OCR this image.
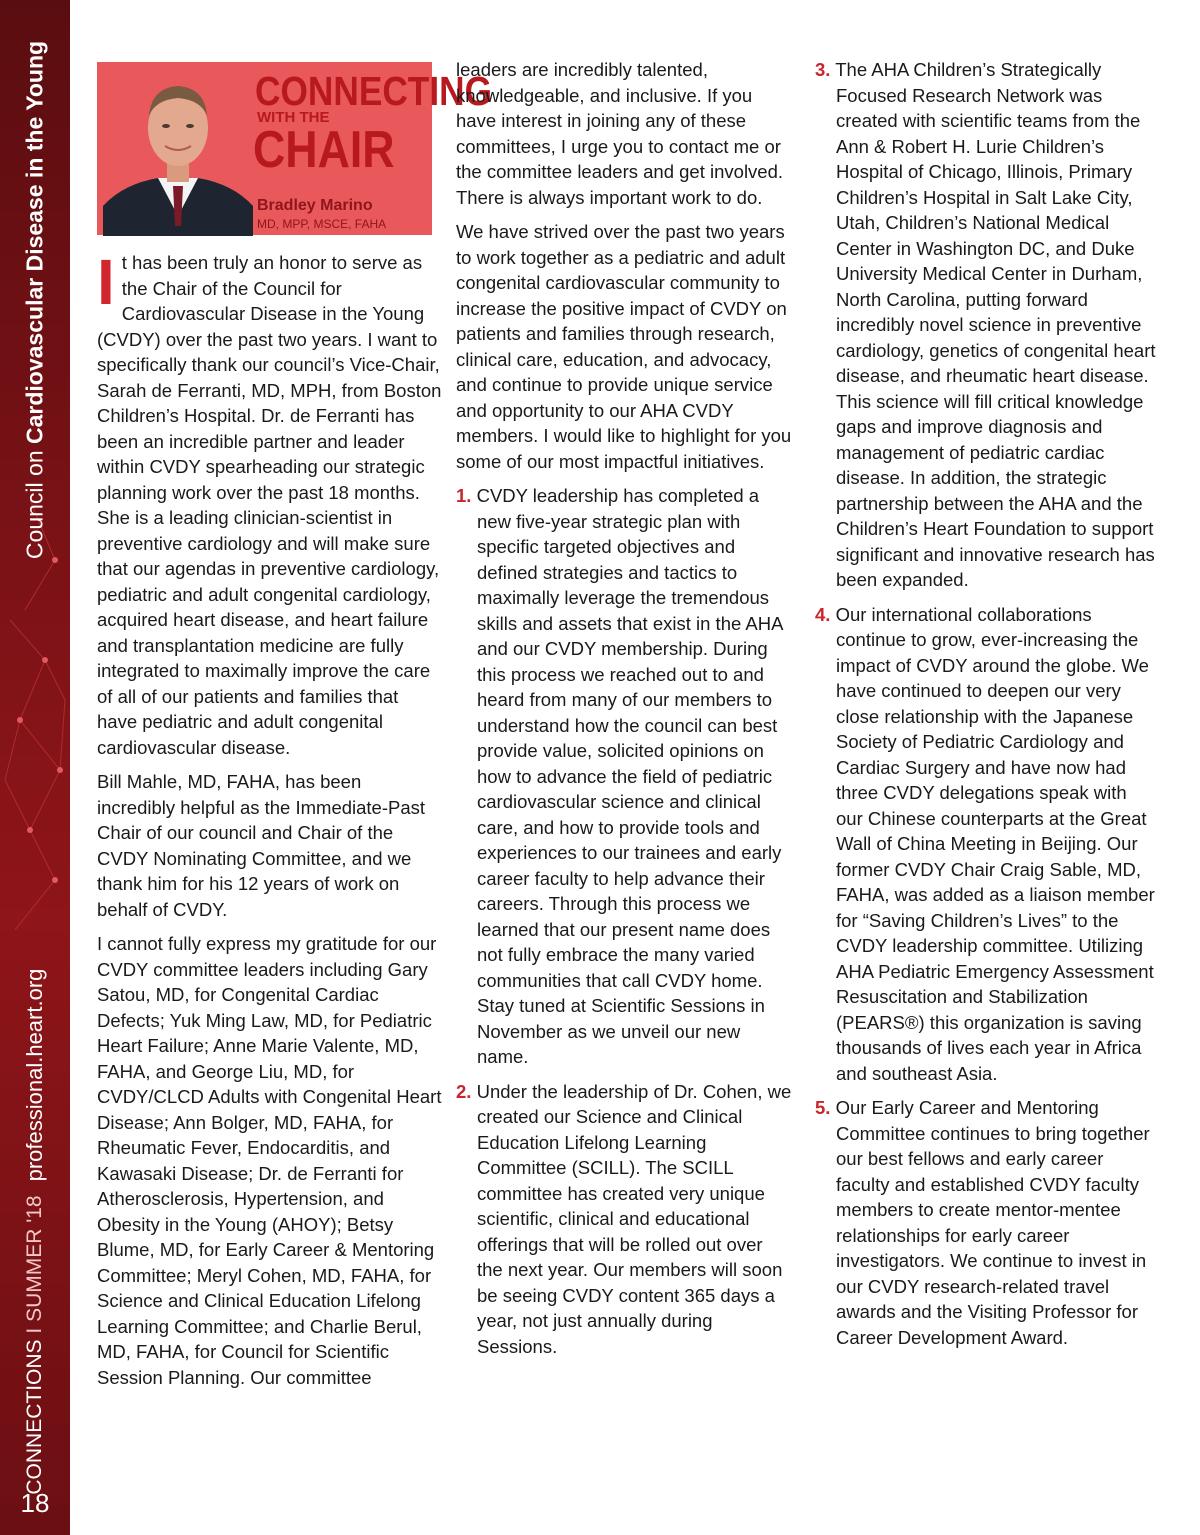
Council on Cardiovascular Disease in the Young
professional.heart.org
CONNECTIONS I SUMMER '18
18
CONNECTING
WITH THE
CHAIR
Bradley Marino
MD, MPP, MSCE, FAHA

It has been truly an honor to serve as the Chair of the Council for Cardiovascular Disease in the Young (CVDY) over the past two years. I want to specifically thank our council’s Vice-Chair, Sarah de Ferranti, MD, MPH, from Boston Children’s Hospital. Dr. de Ferranti has been an incredible partner and leader within CVDY spearheading our strategic planning work over the past 18 months. She is a leading clinician-scientist in preventive cardiology and will make sure that our agendas in preventive cardiology, pediatric and adult congenital cardiology, acquired heart disease, and heart failure and transplantation medicine are fully integrated to maximally improve the care of all of our patients and families that have pediatric and adult congenital cardiovascular disease.

Bill Mahle, MD, FAHA, has been incredibly helpful as the Immediate-Past Chair of our council and Chair of the CVDY Nominating Committee, and we thank him for his 12 years of work on behalf of CVDY.

I cannot fully express my gratitude for our CVDY committee leaders including Gary Satou, MD, for Congenital Cardiac Defects; Yuk Ming Law, MD, for Pediatric Heart Failure; Anne Marie Valente, MD, FAHA, and George Liu, MD, for CVDY/CLCD Adults with Congenital Heart Disease; Ann Bolger, MD, FAHA, for Rheumatic Fever, Endocarditis, and Kawasaki Disease; Dr. de Ferranti for Atherosclerosis, Hypertension, and Obesity in the Young (AHOY); Betsy Blume, MD, for Early Career & Mentoring Committee; Meryl Cohen, MD, FAHA, for Science and Clinical Education Lifelong Learning Committee; and Charlie Berul, MD, FAHA, for Council for Scientific Session Planning. Our committee

leaders are incredibly talented, knowledgeable, and inclusive. If you have interest in joining any of these committees, I urge you to contact me or the committee leaders and get involved. There is always important work to do.

We have strived over the past two years to work together as a pediatric and adult congenital cardiovascular community to increase the positive impact of CVDY on patients and families through research, clinical care, education, and advocacy, and continue to provide unique service and opportunity to our AHA CVDY members. I would like to highlight for you some of our most impactful initiatives.

1. CVDY leadership has completed a new five-year strategic plan with specific targeted objectives and defined strategies and tactics to maximally leverage the tremendous skills and assets that exist in the AHA and our CVDY membership. During this process we reached out to and heard from many of our members to understand how the council can best provide value, solicited opinions on how to advance the field of pediatric cardiovascular science and clinical care, and how to provide tools and experiences to our trainees and early career faculty to help advance their careers. Through this process we learned that our present name does not fully embrace the many varied communities that call CVDY home. Stay tuned at Scientific Sessions in November as we unveil our new name.

2. Under the leadership of Dr. Cohen, we created our Science and Clinical Education Lifelong Learning Committee (SCILL). The SCILL committee has created very unique scientific, clinical and educational offerings that will be rolled out over the next year. Our members will soon be seeing CVDY content 365 days a year, not just annually during Sessions.

3. The AHA Children’s Strategically Focused Research Network was created with scientific teams from the Ann & Robert H. Lurie Children’s Hospital of Chicago, Illinois, Primary Children’s Hospital in Salt Lake City, Utah, Children’s National Medical Center in Washington DC, and Duke University Medical Center in Durham, North Carolina, putting forward incredibly novel science in preventive cardiology, genetics of congenital heart disease, and rheumatic heart disease. This science will fill critical knowledge gaps and improve diagnosis and management of pediatric cardiac disease. In addition, the strategic partnership between the AHA and the Children’s Heart Foundation to support significant and innovative research has been expanded.

4. Our international collaborations continue to grow, ever-increasing the impact of CVDY around the globe. We have continued to deepen our very close relationship with the Japanese Society of Pediatric Cardiology and Cardiac Surgery and have now had three CVDY delegations speak with our Chinese counterparts at the Great Wall of China Meeting in Beijing. Our former CVDY Chair Craig Sable, MD, FAHA, was added as a liaison member for “Saving Children’s Lives” to the CVDY leadership committee. Utilizing AHA Pediatric Emergency Assessment Resuscitation and Stabilization (PEARS®) this organization is saving thousands of lives each year in Africa and southeast Asia.

5. Our Early Career and Mentoring Committee continues to bring together our best fellows and early career faculty and established CVDY faculty members to create mentor-mentee relationships for early career investigators. We continue to invest in our CVDY research-related travel awards and the Visiting Professor for Career Development Award.
